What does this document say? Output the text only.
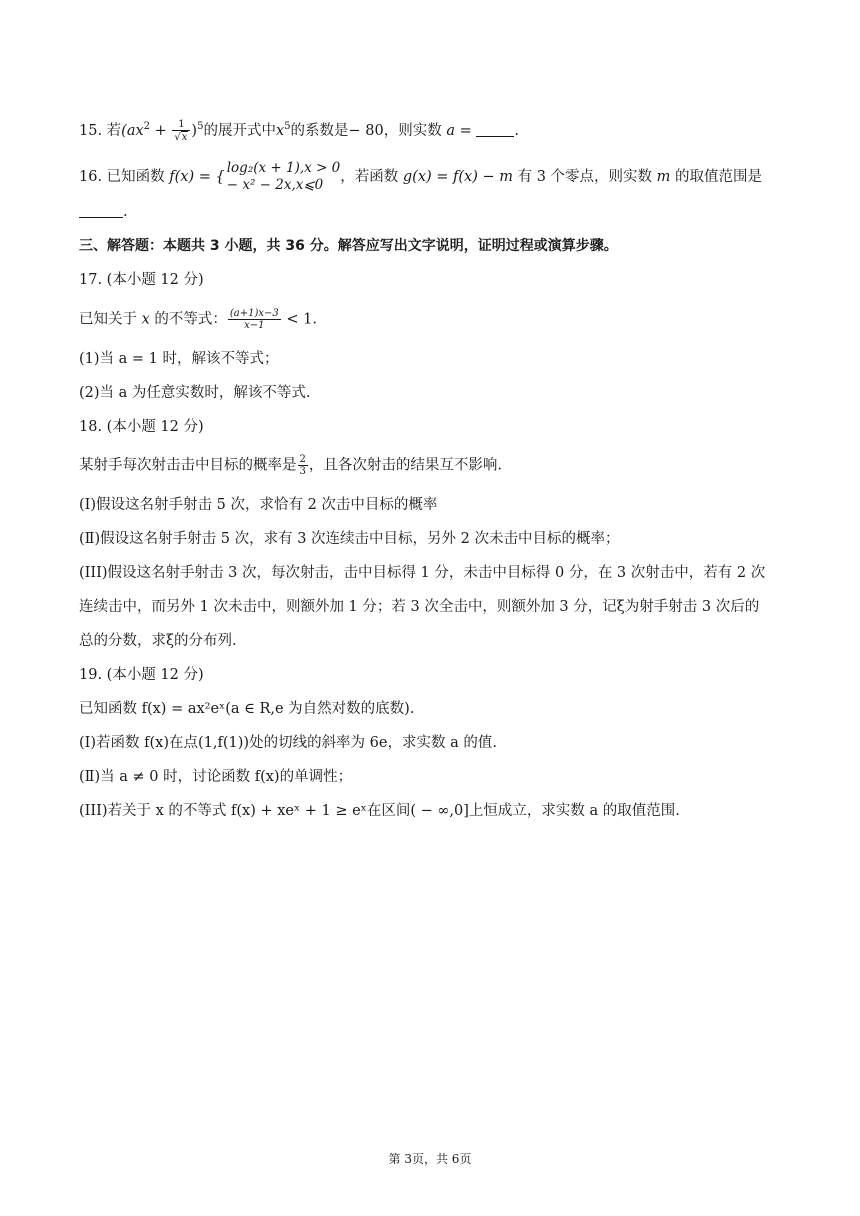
15. 若$(ax^2 + \frac{1}{√x} )^5$的展开式中$x^5$的系数是− 80，则实数 a =	.
16. 已知函数 f(x) = {
log₂(x + 1),x > 0
− x² − 2x,x⩽0	，若函数 g(x) = f(x) − m 有 3 个零点，则实数 m 的取值范围是
.
三、解答题：本题共 3 小题，共 36 分。解答应写出文字说明，证明过程或演算步骤。
17. (本小题 12 分)
已知关于 x 的不等式： $\frac{(a+1)x-3}{x-1} < 1$.
(1)当 a = 1 时，解该不等式；
(2)当 a 为任意实数时，解该不等式.
18. (本小题 12 分)
某射手每次射击击中目标的概率是 $\frac{2}{3}$ ，且各次射击的结果互不影响.
(Ⅰ)假设这名射手射击 5 次，求恰有 2 次击中目标的概率
(Ⅱ)假设这名射手射击 5 次，求有 3 次连续击中目标，另外 2 次未击中目标的概率；
(III)假设这名射手射击 3 次，每次射击，击中目标得 1 分，未击中目标得 0 分，在 3 次射击中，若有 2 次
连续击中，而另外 1 次未击中，则额外加 1 分；若 3 次全击中，则额外加 3 分，记ξ为射手射击 3 次后的
总的分数，求ξ的分布列.
19. (本小题 12 分)
已知函数 f(x) = ax²eˣ(a ∈ R,e 为自然对数的底数).
(Ⅰ)若函数 f(x)在点(1,f(1))处的切线的斜率为 6e，求实数 a 的值.
(Ⅱ)当 a ≠ 0 时，讨论函数 f(x)的单调性；
(III)若关于 x 的不等式 f(x) + xeˣ + 1 ≥ eˣ在区间( − ∞,0]上恒成立，求实数 a 的取值范围.
第 3页，共 6页
